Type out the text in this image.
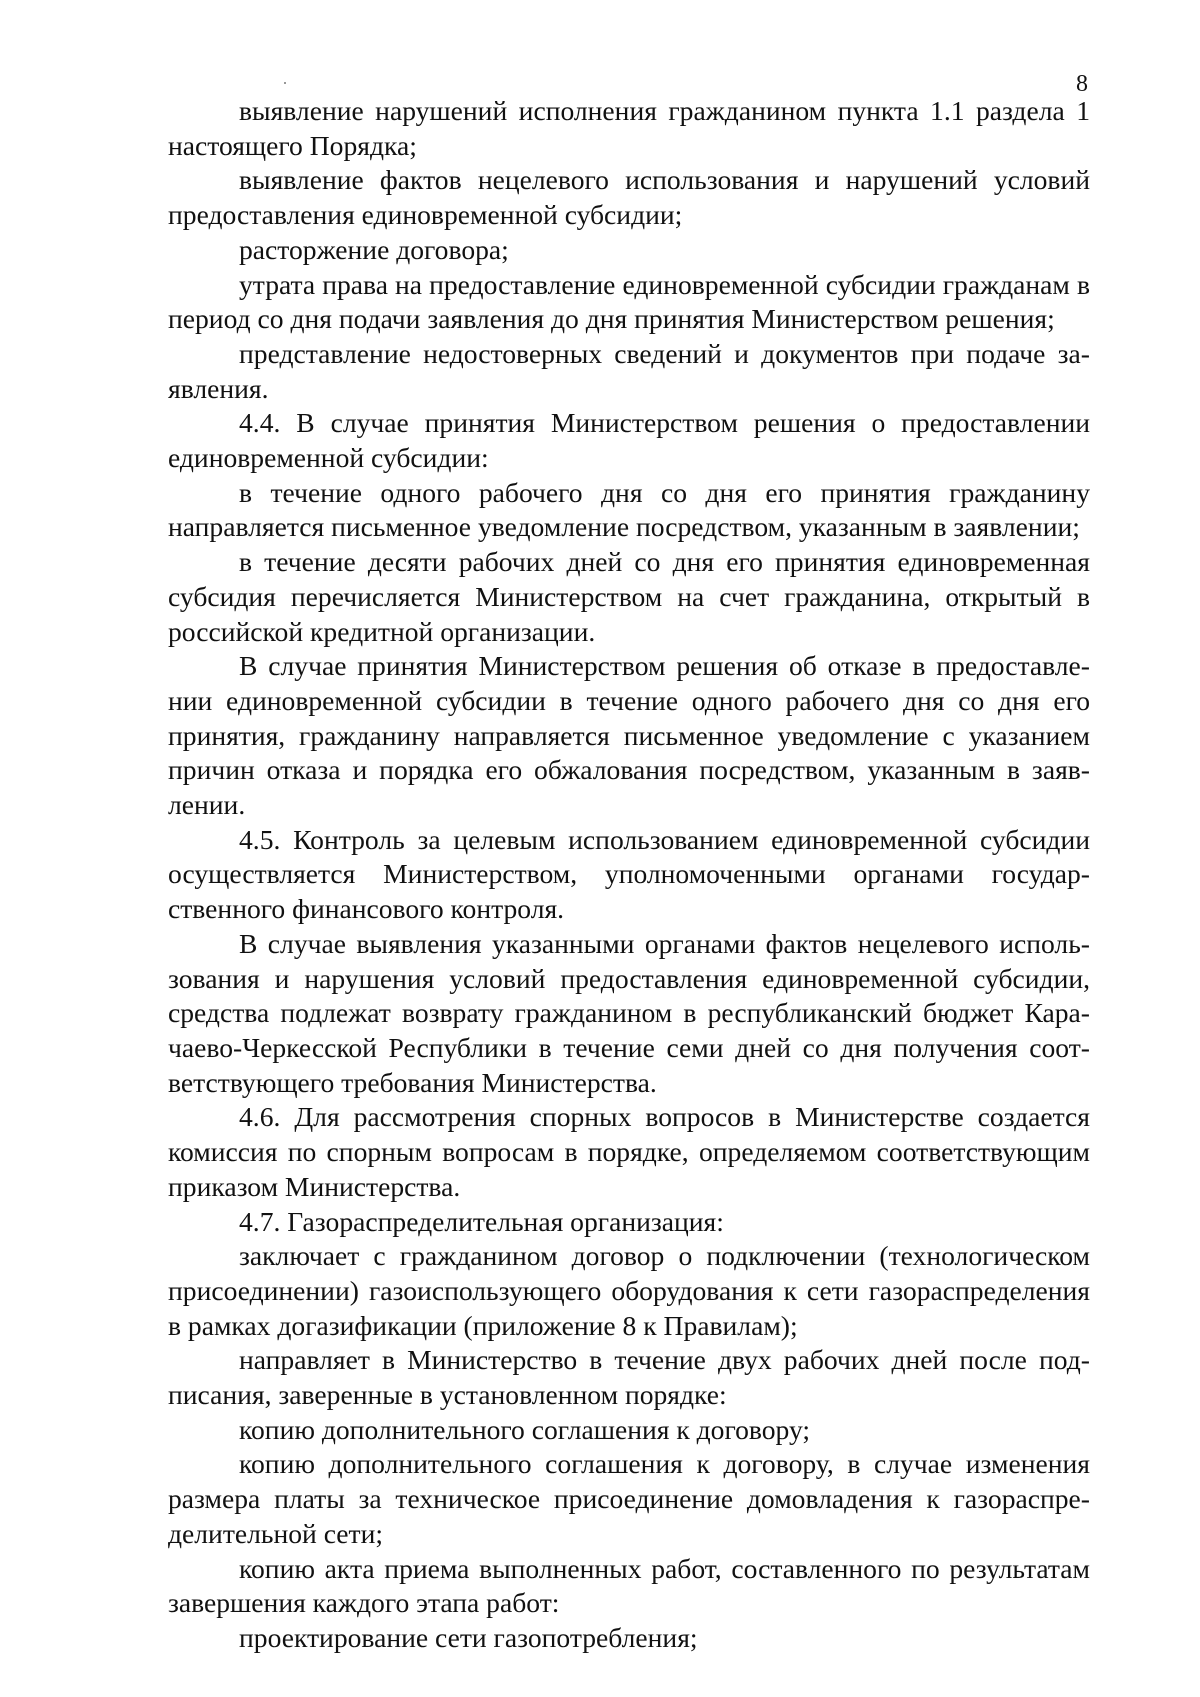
8

выявление нарушений исполнения гражданином пункта 1.1 раздела 1 настоящего Порядка;

выявление фактов нецелевого использования и нарушений условий предоставления единовременной субсидии;

расторжение договора;

утрата права на предоставление единовременной субсидии гражданам в период со дня подачи заявления до дня принятия Министерством решения;

представление недостоверных сведений и документов при подаче заявления.

4.4. В случае принятия Министерством решения о предоставлении единовременной субсидии:

в течение одного рабочего дня со дня его принятия гражданину направляется письменное уведомление посредством, указанным в заявлении;

в течение десяти рабочих дней со дня его принятия единовременная субсидия перечисляется Министерством на счет гражданина, открытый в российской кредитной организации.

В случае принятия Министерством решения об отказе в предоставлении единовременной субсидии в течение одного рабочего дня со дня его принятия, гражданину направляется письменное уведомление с указанием причин отказа и порядка его обжалования посредством, указанным в заявлении.

4.5. Контроль за целевым использованием единовременной субсидии осуществляется Министерством, уполномоченными органами государственного финансового контроля.

В случае выявления указанными органами фактов нецелевого использования и нарушения условий предоставления единовременной субсидии, средства подлежат возврату гражданином в республиканский бюджет Карачаево-Черкесской Республики в течение семи дней со дня получения соответствующего требования Министерства.

4.6. Для рассмотрения спорных вопросов в Министерстве создается комиссия по спорным вопросам в порядке, определяемом соответствующим приказом Министерства.

4.7. Газораспределительная организация:

заключает с гражданином договор о подключении (технологическом присоединении) газоиспользующего оборудования к сети газораспределения в рамках догазификации (приложение 8 к Правилам);

направляет в Министерство в течение двух рабочих дней после подписания, заверенные в установленном порядке:

копию дополнительного соглашения к договору;

копию дополнительного соглашения к договору, в случае изменения размера платы за техническое присоединение домовладения к газораспределительной сети;

копию акта приема выполненных работ, составленного по результатам завершения каждого этапа работ:

проектирование сети газопотребления;
